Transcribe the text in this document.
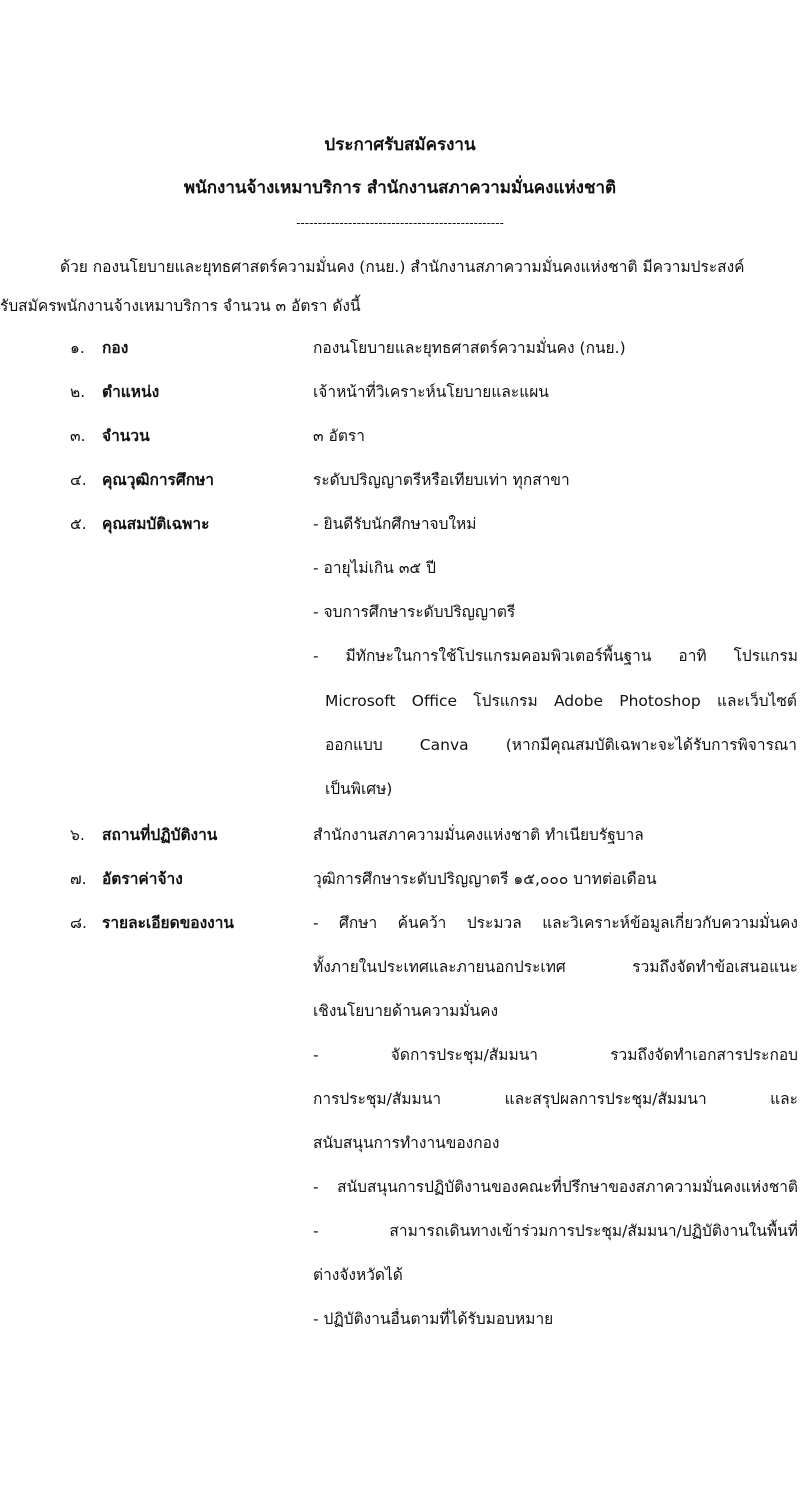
ประกาศรับสมัครงาน
พนักงานจ้างเหมาบริการ สำนักงานสภาความมั่นคงแห่งชาติ
------------------------------------------------
ด้วย กองนโยบายและยุทธศาสตร์ความมั่นคง (กนย.) สำนักงานสภาความมั่นคงแห่งชาติ มีความประสงค์
รับสมัครพนักงานจ้างเหมาบริการ จำนวน ๓ อัตรา ดังนี้
๑. กอง	กองนโยบายและยุทธศาสตร์ความมั่นคง (กนย.)
๒. ตำแหน่ง	เจ้าหน้าที่วิเคราะห์นโยบายและแผน
๓. จำนวน	๓ อัตรา
๔. คุณวุฒิการศึกษา	ระดับปริญญาตรีหรือเทียบเท่า ทุกสาขา
๕. คุณสมบัติเฉพาะ	- ยินดีรับนักศึกษาจบใหม่
- อายุไม่เกิน ๓๕ ปี
- จบการศึกษาระดับปริญญาตรี
- มีทักษะในการใช้โปรแกรมคอมพิวเตอร์พื้นฐาน อาทิ โปรแกรม
Microsoft Office โปรแกรม Adobe Photoshop และเว็บไซต์
ออกแบบ Canva (หากมีคุณสมบัติเฉพาะจะได้รับการพิจารณา
เป็นพิเศษ)
๖. สถานที่ปฏิบัติงาน	สำนักงานสภาความมั่นคงแห่งชาติ ทำเนียบรัฐบาล
๗. อัตราค่าจ้าง	วุฒิการศึกษาระดับปริญญาตรี ๑๕,๐๐๐ บาทต่อเดือน
๘. รายละเอียดของงาน	- ศึกษา ค้นคว้า ประมวล และวิเคราะห์ข้อมูลเกี่ยวกับความมั่นคง
ทั้งภายในประเทศและภายนอกประเทศ รวมถึงจัดทำข้อเสนอแนะ
เชิงนโยบายด้านความมั่นคง
- จัดการประชุม/สัมมนา รวมถึงจัดทำเอกสารประกอบ
การประชุม/สัมมนา และสรุปผลการประชุม/สัมมนา และ
สนับสนุนการทำงานของกอง
- สนับสนุนการปฏิบัติงานของคณะที่ปรึกษาของสภาความมั่นคงแห่งชาติ
- สามารถเดินทางเข้าร่วมการประชุม/สัมมนา/ปฏิบัติงานในพื้นที่
ต่างจังหวัดได้
- ปฏิบัติงานอื่นตามที่ได้รับมอบหมาย
